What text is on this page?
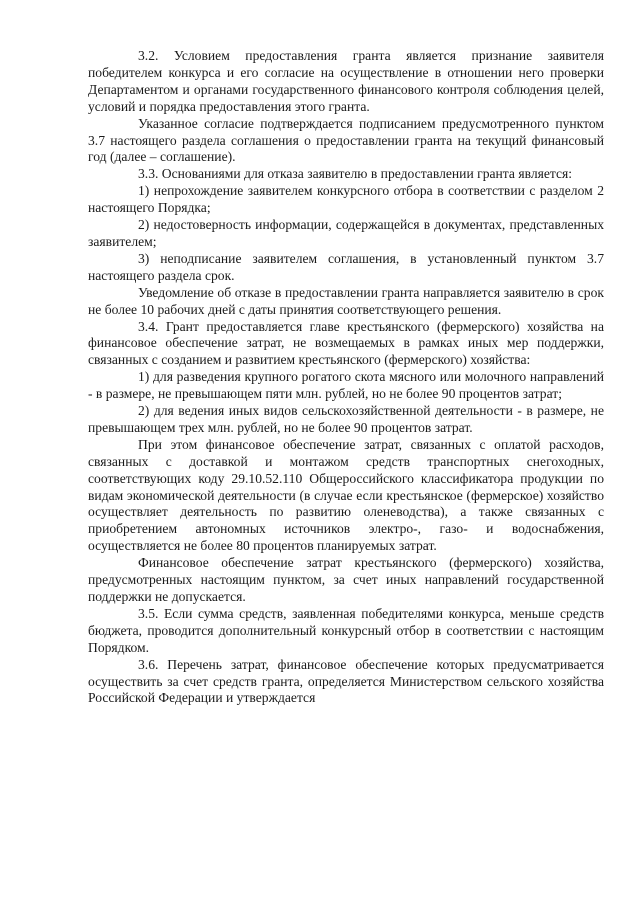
3.2. Условием предоставления гранта является признание заявителя победителем конкурса и его согласие на осуществление в отношении него проверки Департаментом и органами государственного финансового контроля соблюдения целей, условий и порядка предоставления этого гранта.

Указанное согласие подтверждается подписанием предусмотренного пунктом 3.7 настоящего раздела соглашения о предоставлении гранта на текущий финансовый год (далее – соглашение).

3.3. Основаниями для отказа заявителю в предоставлении гранта является:

1) непрохождение заявителем конкурсного отбора в соответствии с разделом 2 настоящего Порядка;

2) недостоверность информации, содержащейся в документах, представленных заявителем;

3) неподписание заявителем соглашения, в установленный пунктом 3.7 настоящего раздела срок.

Уведомление об отказе в предоставлении гранта направляется заявителю в срок не более 10 рабочих дней с даты принятия соответствующего решения.

3.4. Грант предоставляется главе крестьянского (фермерского) хозяйства на финансовое обеспечение затрат, не возмещаемых в рамках иных мер поддержки, связанных с созданием и развитием крестьянского (фермерского) хозяйства:

1) для разведения крупного рогатого скота мясного или молочного направлений - в размере, не превышающем пяти млн. рублей, но не более 90 процентов затрат;

2) для ведения иных видов сельскохозяйственной деятельности - в размере, не превышающем трех млн. рублей, но не более 90 процентов затрат.

При этом финансовое обеспечение затрат, связанных с оплатой расходов, связанных с доставкой и монтажом средств транспортных снегоходных, соответствующих коду 29.10.52.110 Общероссийского классификатора продукции по видам экономической деятельности (в случае если крестьянское (фермерское) хозяйство осуществляет деятельность по развитию оленеводства), а также связанных с приобретением автономных источников электро-, газо- и водоснабжения, осуществляется не более 80 процентов планируемых затрат.

Финансовое обеспечение затрат крестьянского (фермерского) хозяйства, предусмотренных настоящим пунктом, за счет иных направлений государственной поддержки не допускается.

3.5. Если сумма средств, заявленная победителями конкурса, меньше средств бюджета, проводится дополнительный конкурсный отбор в соответствии с настоящим Порядком.

3.6. Перечень затрат, финансовое обеспечение которых предусматривается осуществить за счет средств гранта, определяется Министерством сельского хозяйства Российской Федерации и утверждается
